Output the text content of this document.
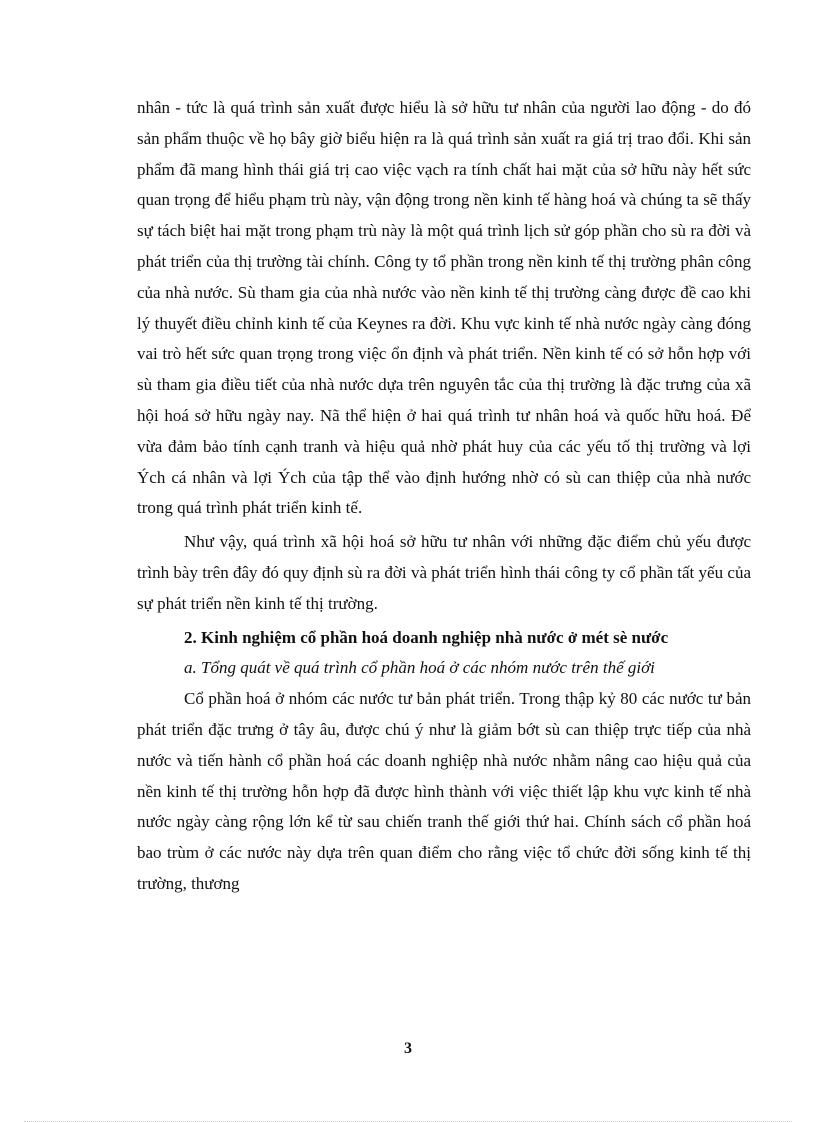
nhân - tức là quá trình sản xuất được hiểu là sở hữu tư nhân của người lao động - do đó sản phẩm thuộc về họ bây giờ biểu hiện ra là quá trình sản xuất ra giá trị trao đổi. Khi sản phẩm đã mang hình thái giá trị cao việc vạch ra tính chất hai mặt của sở hữu này hết sức quan trọng để hiểu phạm trù này, vận động trong nền kinh tế hàng hoá và chúng ta sẽ thấy sự tách biệt hai mặt trong phạm trù này là một quá trình lịch sử góp phần cho sù ra đời và phát triển của thị trường tài chính. Công ty tổ phần trong nền kinh tế thị trường phân công của nhà nước. Sù tham gia của nhà nước vào nền kinh tế thị trường càng được đề cao khi lý thuyết điều chỉnh kinh tế của Keynes ra đời. Khu vực kinh tế nhà nước ngày càng đóng vai trò hết sức quan trọng trong việc ổn định và phát triển. Nền kinh tế có sở hỗn hợp với sù tham gia điều tiết của nhà nước dựa trên nguyên tắc của thị trường là đặc trưng của xã hội hoá sở hữu ngày nay. Nã thể hiện ở hai quá trình tư nhân hoá và quốc hữu hoá. Để vừa đảm bảo tính cạnh tranh và hiệu quả nhờ phát huy của các yếu tố thị trường và lợi Ých cá nhân và lợi Ých của tập thể vào định hướng nhờ có sù can thiệp của nhà nước trong quá trình phát triển kinh tế.

Như vậy, quá trình xã hội hoá sở hữu tư nhân với những đặc điểm chủ yếu được trình bày trên đây đó quy định sù ra đời và phát triển hình thái công ty cổ phần tất yếu của sự phát triển nền kinh tế thị trường.

2. Kinh nghiệm cổ phần hoá doanh nghiệp nhà nước ở mét sè nước

a. Tổng quát về quá trình cổ phần hoá ở các nhóm nước trên thế giới

Cổ phần hoá ở nhóm các nước tư bản phát triển. Trong thập kỷ 80 các nước tư bản phát triển đặc trưng ở tây âu, được chú ý như là giảm bớt sù can thiệp trực tiếp của nhà nước và tiến hành cổ phần hoá các doanh nghiệp nhà nước nhằm nâng cao hiệu quả của nền kinh tế thị trường hỗn hợp đã được hình thành với việc thiết lập khu vực kinh tế nhà nước ngày càng rộng lớn kể từ sau chiến tranh thế giới thứ hai. Chính sách cổ phần hoá bao trùm ở các nước này dựa trên quan điểm cho rằng việc tổ chức đời sống kinh tế thị trường, thương

3
